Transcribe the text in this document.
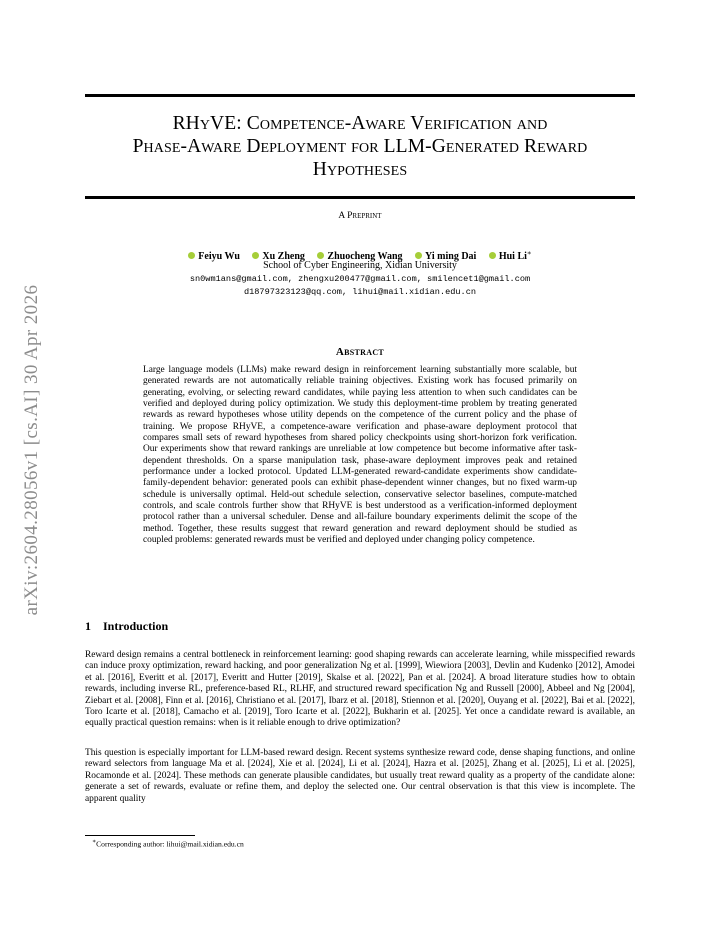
arXiv:2604.28056v1 [cs.AI] 30 Apr 2026
RHyVE: Competence-Aware Verification and
Phase-Aware Deployment for LLM-Generated Reward
Hypotheses
A Preprint
Feiyu Wu Xu Zheng Zhuocheng Wang Yi ming Dai Hui Li∗
School of Cyber Engineering, Xidian University
sn0wm1ans@gmail.com, zhengxu200477@gmail.com, smilencet1@gmail.com
d18797323123@qq.com, lihui@mail.xidian.edu.cn
Abstract
Large language models (LLMs) make reward design in reinforcement learning substantially more scalable, but generated rewards are not automatically reliable training objectives. Existing work has focused primarily on generating, evolving, or selecting reward candidates, while paying less attention to when such candidates can be verified and deployed during policy optimization. We study this deployment-time problem by treating generated rewards as reward hypotheses whose utility depends on the competence of the current policy and the phase of training. We propose RHyVE, a competence-aware verification and phase-aware deployment protocol that compares small sets of reward hypotheses from shared policy checkpoints using short-horizon fork verification. Our experiments show that reward rankings are unreliable at low competence but become informative after task-dependent thresholds. On a sparse manipulation task, phase-aware deployment improves peak and retained performance under a locked protocol. Updated LLM-generated reward-candidate experiments show candidate-family-dependent behavior: generated pools can exhibit phase-dependent winner changes, but no fixed warm-up schedule is universally optimal. Held-out schedule selection, conservative selector baselines, compute-matched controls, and scale controls further show that RHyVE is best understood as a verification-informed deployment protocol rather than a universal scheduler. Dense and all-failure boundary experiments delimit the scope of the method. Together, these results suggest that reward generation and reward deployment should be studied as coupled problems: generated rewards must be verified and deployed under changing policy competence.
1 Introduction
Reward design remains a central bottleneck in reinforcement learning: good shaping rewards can accelerate learning, while misspecified rewards can induce proxy optimization, reward hacking, and poor generalization Ng et al. [1999], Wiewiora [2003], Devlin and Kudenko [2012], Amodei et al. [2016], Everitt et al. [2017], Everitt and Hutter [2019], Skalse et al. [2022], Pan et al. [2024]. A broad literature studies how to obtain rewards, including inverse RL, preference-based RL, RLHF, and structured reward specification Ng and Russell [2000], Abbeel and Ng [2004], Ziebart et al. [2008], Finn et al. [2016], Christiano et al. [2017], Ibarz et al. [2018], Stiennon et al. [2020], Ouyang et al. [2022], Bai et al. [2022], Toro Icarte et al. [2018], Camacho et al. [2019], Toro Icarte et al. [2022], Bukharin et al. [2025]. Yet once a candidate reward is available, an equally practical question remains: when is it reliable enough to drive optimization?
This question is especially important for LLM-based reward design. Recent systems synthesize reward code, dense shaping functions, and online reward selectors from language Ma et al. [2024], Xie et al. [2024], Li et al. [2024], Hazra et al. [2025], Zhang et al. [2025], Li et al. [2025], Rocamonde et al. [2024]. These methods can generate plausible candidates, but usually treat reward quality as a property of the candidate alone: generate a set of rewards, evaluate or refine them, and deploy the selected one. Our central observation is that this view is incomplete. The apparent quality
∗Corresponding author: lihui@mail.xidian.edu.cn
